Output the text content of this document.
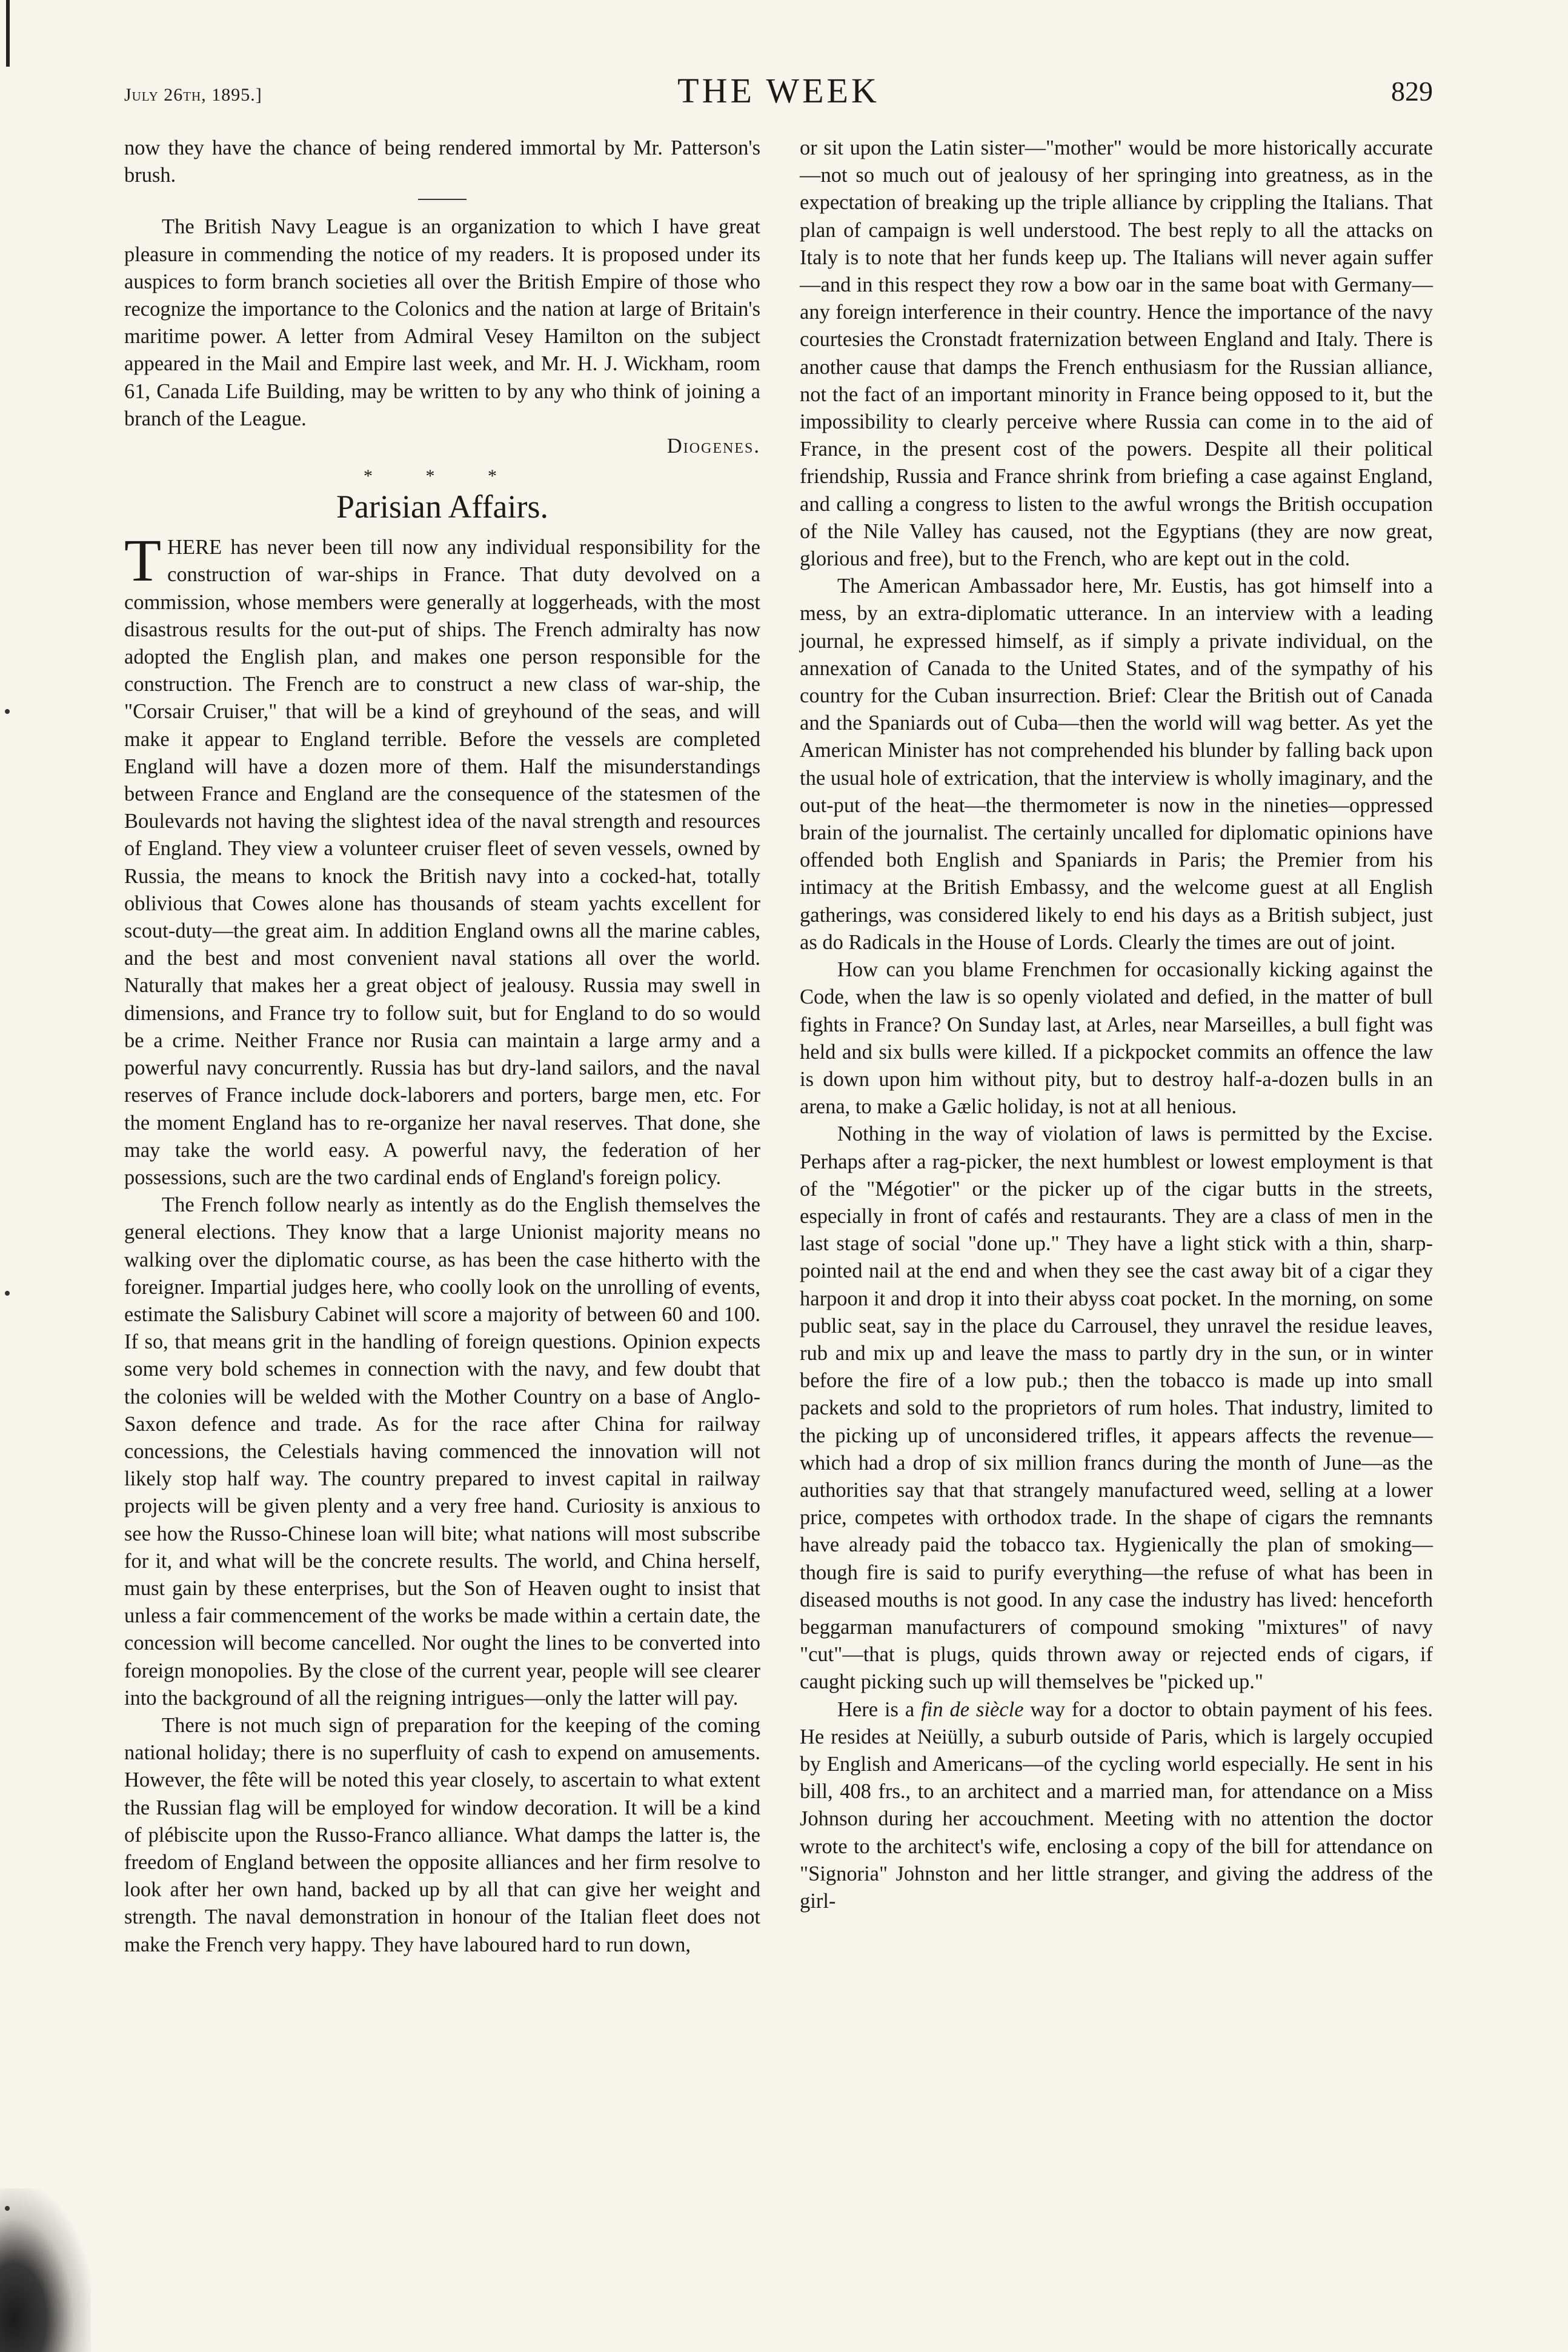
July 26th, 1895.]	THE WEEK	829

now they have the chance of being rendered immortal by Mr. Patterson's brush.

The British Navy League is an organization to which I have great pleasure in commending the notice of my readers. It is proposed under its auspices to form branch societies all over the British Empire of those who recognize the importance to the Colonics and the nation at large of Britain's maritime power. A letter from Admiral Vesey Hamilton on the subject appeared in the Mail and Empire last week, and Mr. H. J. Wickham, room 61, Canada Life Building, may be written to by any who think of joining a branch of the League.

Diogenes.

* * *
Parisian Affairs.

THERE has never been till now any individual responsibility for the construction of war-ships in France. That duty devolved on a commission, whose members were generally at loggerheads, with the most disastrous results for the out-put of ships. The French admiralty has now adopted the English plan, and makes one person responsible for the construction. The French are to construct a new class of war-ship, the "Corsair Cruiser," that will be a kind of greyhound of the seas, and will make it appear to England terrible. Before the vessels are completed England will have a dozen more of them. Half the misunderstandings between France and England are the consequence of the statesmen of the Boulevards not having the slightest idea of the naval strength and resources of England. They view a volunteer cruiser fleet of seven vessels, owned by Russia, the means to knock the British navy into a cocked-hat, totally oblivious that Cowes alone has thousands of steam yachts excellent for scout-duty—the great aim. In addition England owns all the marine cables, and the best and most convenient naval stations all over the world. Naturally that makes her a great object of jealousy. Russia may swell in dimensions, and France try to follow suit, but for England to do so would be a crime. Neither France nor Rusia can maintain a large army and a powerful navy concurrently. Russia has but dry-land sailors, and the naval reserves of France include dock-laborers and porters, barge men, etc. For the moment England has to re-organize her naval reserves. That done, she may take the world easy. A powerful navy, the federation of her possessions, such are the two cardinal ends of England's foreign policy.

The French follow nearly as intently as do the English themselves the general elections. They know that a large Unionist majority means no walking over the diplomatic course, as has been the case hitherto with the foreigner. Impartial judges here, who coolly look on the unrolling of events, estimate the Salisbury Cabinet will score a majority of between 60 and 100. If so, that means grit in the handling of foreign questions. Opinion expects some very bold schemes in connection with the navy, and few doubt that the colonies will be welded with the Mother Country on a base of Anglo-Saxon defence and trade. As for the race after China for railway concessions, the Celestials having commenced the innovation will not likely stop half way. The country prepared to invest capital in railway projects will be given plenty and a very free hand. Curiosity is anxious to see how the Russo-Chinese loan will bite; what nations will most subscribe for it, and what will be the concrete results. The world, and China herself, must gain by these enterprises, but the Son of Heaven ought to insist that unless a fair commencement of the works be made within a certain date, the concession will become cancelled. Nor ought the lines to be converted into foreign monopolies. By the close of the current year, people will see clearer into the background of all the reigning intrigues—only the latter will pay.

There is not much sign of preparation for the keeping of the coming national holiday; there is no superfluity of cash to expend on amusements. However, the fête will be noted this year closely, to ascertain to what extent the Russian flag will be employed for window decoration. It will be a kind of plébiscite upon the Russo-Franco alliance. What damps the latter is, the freedom of England between the opposite alliances and her firm resolve to look after her own hand, backed up by all that can give her weight and strength. The naval demonstration in honour of the Italian fleet does not make the French very happy. They have laboured hard to run down,

or sit upon the Latin sister—"mother" would be more historically accurate—not so much out of jealousy of her springing into greatness, as in the expectation of breaking up the triple alliance by crippling the Italians. That plan of campaign is well understood. The best reply to all the attacks on Italy is to note that her funds keep up. The Italians will never again suffer—and in this respect they row a bow oar in the same boat with Germany—any foreign interference in their country. Hence the importance of the navy courtesies the Cronstadt fraternization between England and Italy. There is another cause that damps the French enthusiasm for the Russian alliance, not the fact of an important minority in France being opposed to it, but the impossibility to clearly perceive where Russia can come in to the aid of France, in the present cost of the powers. Despite all their political friendship, Russia and France shrink from briefing a case against England, and calling a congress to listen to the awful wrongs the British occupation of the Nile Valley has caused, not the Egyptians (they are now great, glorious and free), but to the French, who are kept out in the cold.

The American Ambassador here, Mr. Eustis, has got himself into a mess, by an extra-diplomatic utterance. In an interview with a leading journal, he expressed himself, as if simply a private individual, on the annexation of Canada to the United States, and of the sympathy of his country for the Cuban insurrection. Brief: Clear the British out of Canada and the Spaniards out of Cuba—then the world will wag better. As yet the American Minister has not comprehended his blunder by falling back upon the usual hole of extrication, that the interview is wholly imaginary, and the out-put of the heat—the thermometer is now in the nineties—oppressed brain of the journalist. The certainly uncalled for diplomatic opinions have offended both English and Spaniards in Paris; the Premier from his intimacy at the British Embassy, and the welcome guest at all English gatherings, was considered likely to end his days as a British subject, just as do Radicals in the House of Lords. Clearly the times are out of joint.

How can you blame Frenchmen for occasionally kicking against the Code, when the law is so openly violated and defied, in the matter of bull fights in France? On Sunday last, at Arles, near Marseilles, a bull fight was held and six bulls were killed. If a pickpocket commits an offence the law is down upon him without pity, but to destroy half-a-dozen bulls in an arena, to make a Gælic holiday, is not at all henious.

Nothing in the way of violation of laws is permitted by the Excise. Perhaps after a rag-picker, the next humblest or lowest employment is that of the "Mégotier" or the picker up of the cigar butts in the streets, especially in front of cafés and restaurants. They are a class of men in the last stage of social "done up." They have a light stick with a thin, sharp-pointed nail at the end and when they see the cast away bit of a cigar they harpoon it and drop it into their abyss coat pocket. In the morning, on some public seat, say in the place du Carrousel, they unravel the residue leaves, rub and mix up and leave the mass to partly dry in the sun, or in winter before the fire of a low pub.; then the tobacco is made up into small packets and sold to the proprietors of rum holes. That industry, limited to the picking up of unconsidered trifles, it appears affects the revenue—which had a drop of six million francs during the month of June—as the authorities say that that strangely manufactured weed, selling at a lower price, competes with orthodox trade. In the shape of cigars the remnants have already paid the tobacco tax. Hygienically the plan of smoking—though fire is said to purify everything—the refuse of what has been in diseased mouths is not good. In any case the industry has lived: henceforth beggarman manufacturers of compound smoking "mixtures" of navy "cut"—that is plugs, quids thrown away or rejected ends of cigars, if caught picking such up will themselves be "picked up."

Here is a fin de siècle way for a doctor to obtain payment of his fees. He resides at Neiülly, a suburb outside of Paris, which is largely occupied by English and Americans—of the cycling world especially. He sent in his bill, 408 frs., to an architect and a married man, for attendance on a Miss Johnson during her accouchment. Meeting with no attention the doctor wrote to the architect's wife, enclosing a copy of the bill for attendance on "Signoria" Johnston and her little stranger, and giving the address of the girl-
